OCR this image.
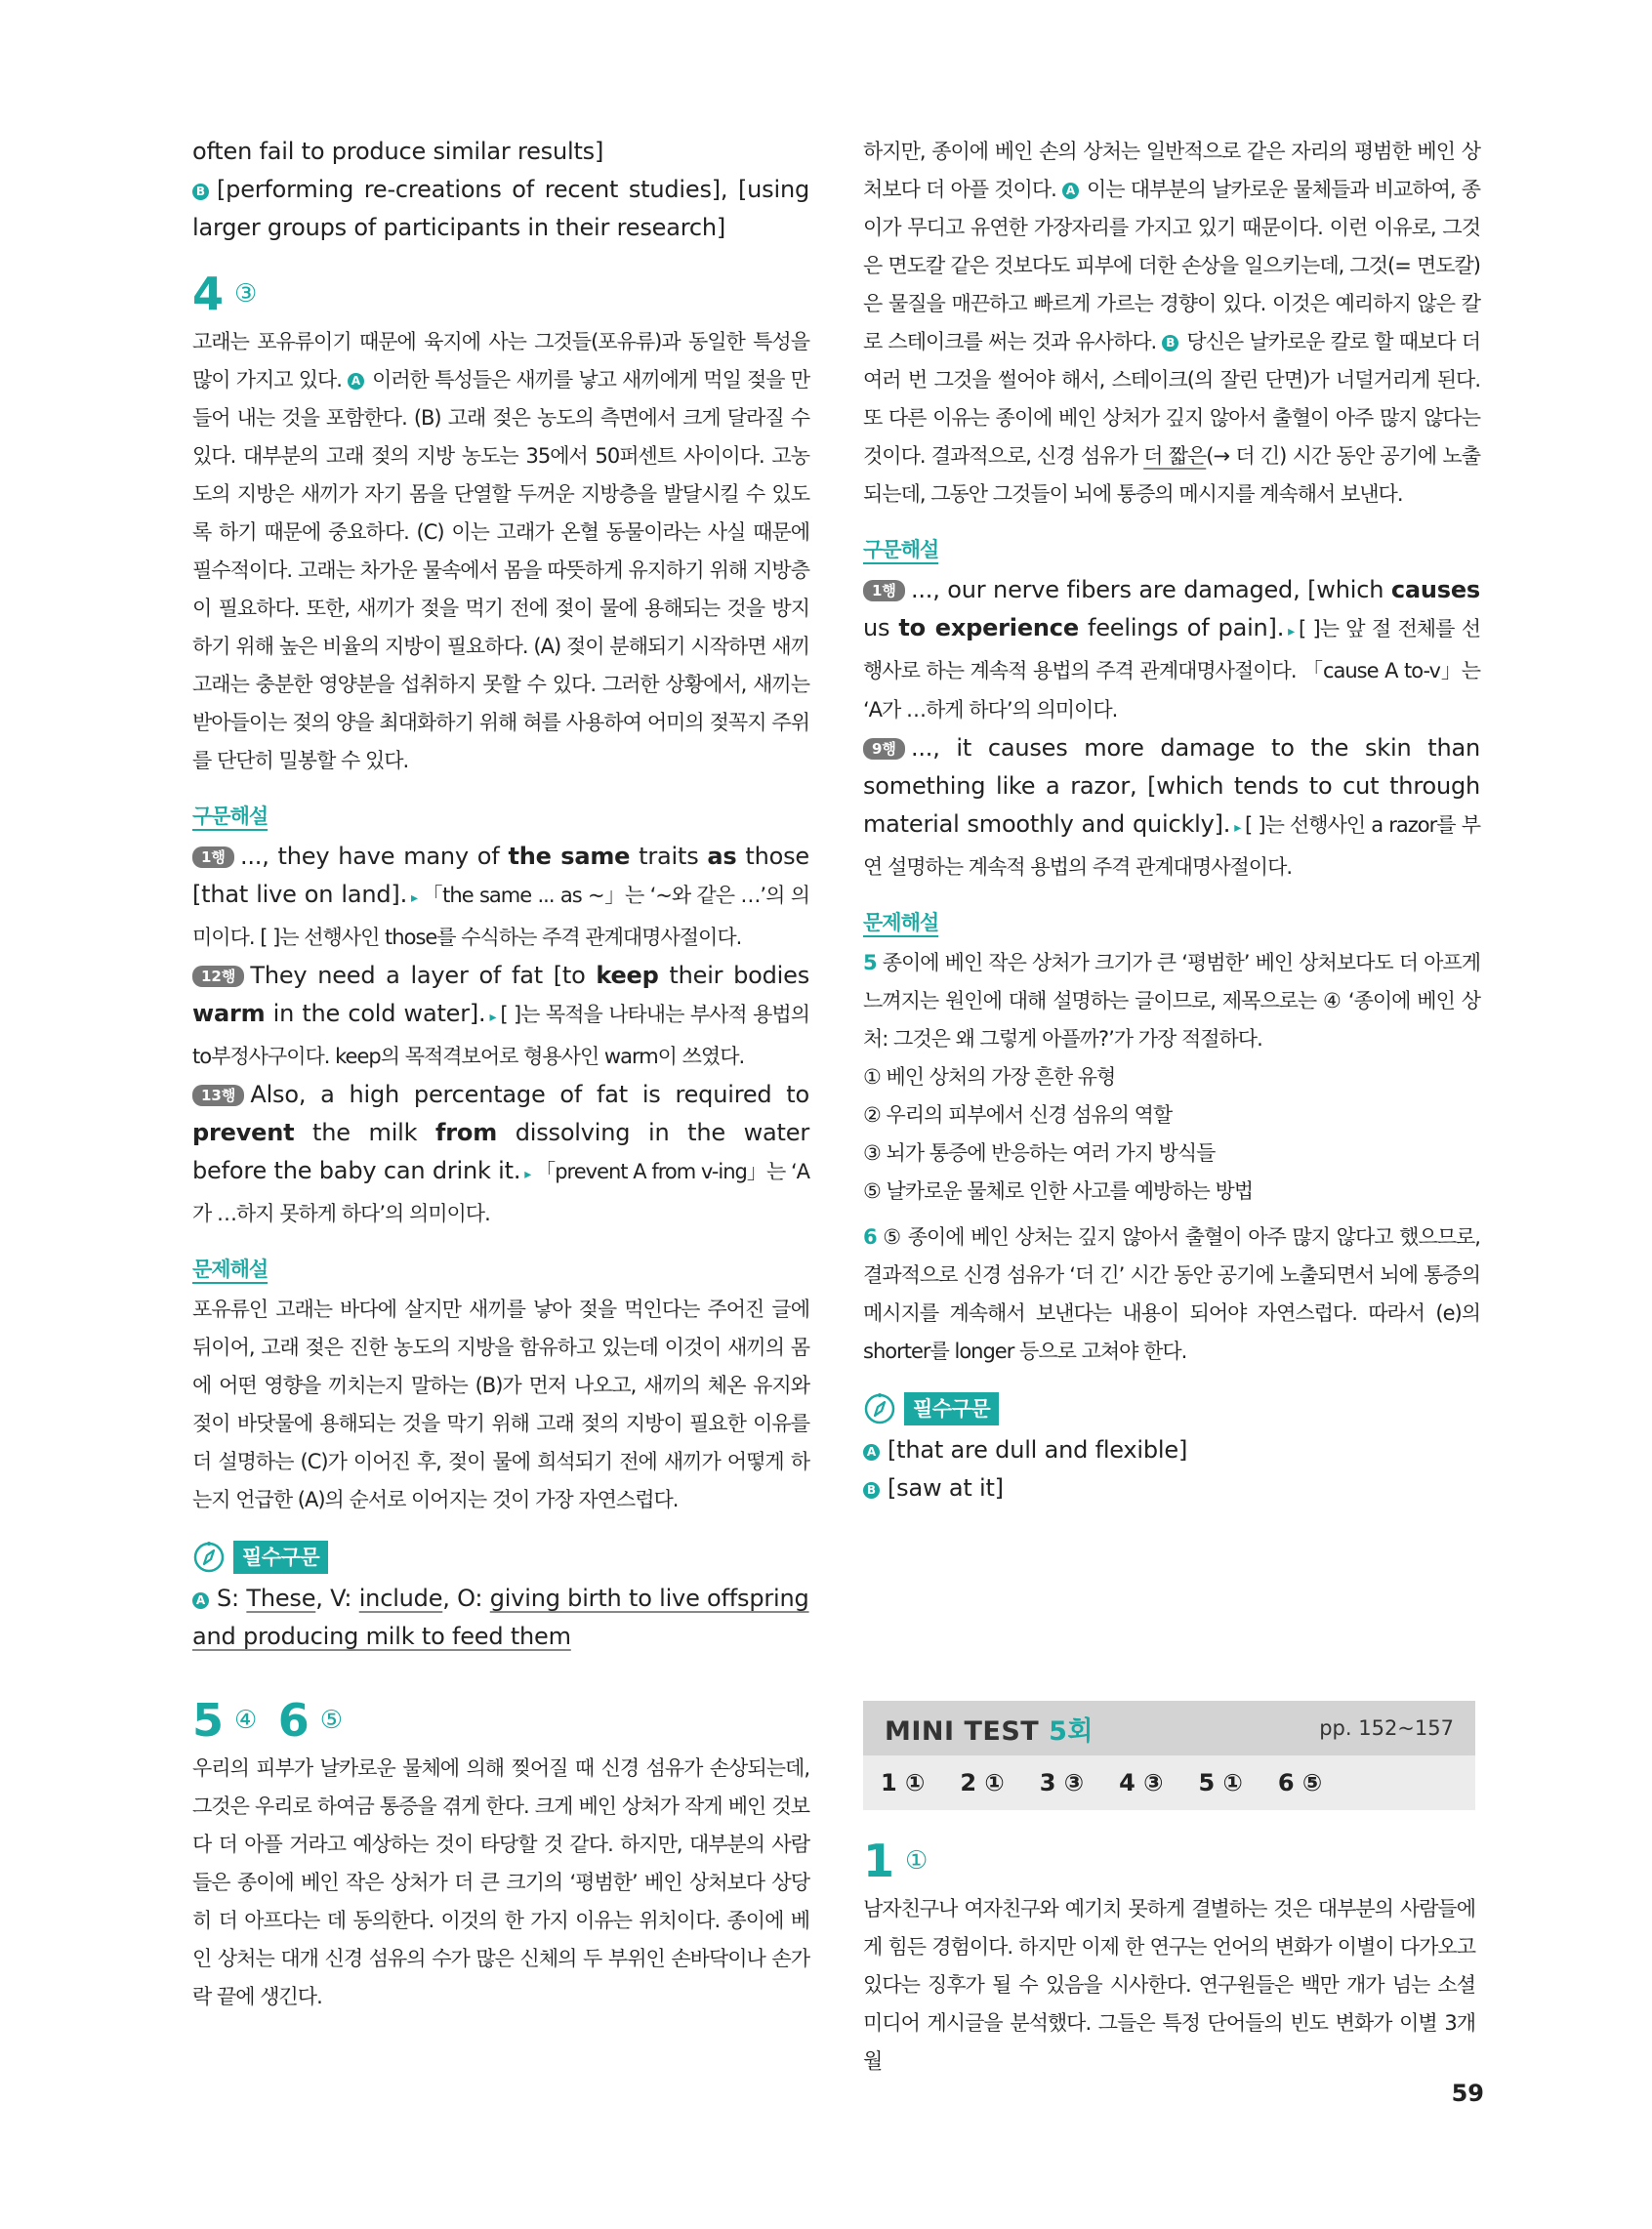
often fail to produce similar results]

B [performing re-creations of recent studies], [using larger groups of participants in their research]

4 ③

고래는 포유류이기 때문에 육지에 사는 그것들(포유류)과 동일한 특성을 많이 가지고 있다. A 이러한 특성들은 새끼를 낳고 새끼에게 먹일 젖을 만들어 내는 것을 포함한다. (B) 고래 젖은 농도의 측면에서 크게 달라질 수 있다. 대부분의 고래 젖의 지방 농도는 35에서 50퍼센트 사이이다. 고농도의 지방은 새끼가 자기 몸을 단열할 두꺼운 지방층을 발달시킬 수 있도록 하기 때문에 중요하다. (C) 이는 고래가 온혈 동물이라는 사실 때문에 필수적이다. 고래는 차가운 물속에서 몸을 따뜻하게 유지하기 위해 지방층이 필요하다. 또한, 새끼가 젖을 먹기 전에 젖이 물에 용해되는 것을 방지하기 위해 높은 비율의 지방이 필요하다. (A) 젖이 분해되기 시작하면 새끼 고래는 충분한 영양분을 섭취하지 못할 수 있다. 그러한 상황에서, 새끼는 받아들이는 젖의 양을 최대화하기 위해 혀를 사용하여 어미의 젖꼭지 주위를 단단히 밀봉할 수 있다.

구문해설

1행 ..., they have many of the same traits as those [that live on land]. ▸ 「the same ... as ~」는 ‘~와 같은 …’의 의미이다. [ ]는 선행사인 those를 수식하는 주격 관계대명사절이다.

12행 They need a layer of fat [to keep their bodies warm in the cold water]. ▸ [ ]는 목적을 나타내는 부사적 용법의 to부정사구이다. keep의 목적격보어로 형용사인 warm이 쓰였다.

13행 Also, a high percentage of fat is required to prevent the milk from dissolving in the water before the baby can drink it. ▸ 「prevent A from v-ing」는 ‘A가 …하지 못하게 하다’의 의미이다.

문제해설

포유류인 고래는 바다에 살지만 새끼를 낳아 젖을 먹인다는 주어진 글에 뒤이어, 고래 젖은 진한 농도의 지방을 함유하고 있는데 이것이 새끼의 몸에 어떤 영향을 끼치는지 말하는 (B)가 먼저 나오고, 새끼의 체온 유지와 젖이 바닷물에 용해되는 것을 막기 위해 고래 젖의 지방이 필요한 이유를 더 설명하는 (C)가 이어진 후, 젖이 물에 희석되기 전에 새끼가 어떻게 하는지 언급한 (A)의 순서로 이어지는 것이 가장 자연스럽다.

필수구문

A S: These, V: include, O: giving birth to live offspring and producing milk to feed them

5 ④ 6 ⑤

우리의 피부가 날카로운 물체에 의해 찢어질 때 신경 섬유가 손상되는데, 그것은 우리로 하여금 통증을 겪게 한다. 크게 베인 상처가 작게 베인 것보다 더 아플 거라고 예상하는 것이 타당할 것 같다. 하지만, 대부분의 사람들은 종이에 베인 작은 상처가 더 큰 크기의 ‘평범한’ 베인 상처보다 상당히 더 아프다는 데 동의한다. 이것의 한 가지 이유는 위치이다. 종이에 베인 상처는 대개 신경 섬유의 수가 많은 신체의 두 부위인 손바닥이나 손가락 끝에 생긴다.

하지만, 종이에 베인 손의 상처는 일반적으로 같은 자리의 평범한 베인 상처보다 더 아플 것이다. A 이는 대부분의 날카로운 물체들과 비교하여, 종이가 무디고 유연한 가장자리를 가지고 있기 때문이다. 이런 이유로, 그것은 면도칼 같은 것보다도 피부에 더한 손상을 일으키는데, 그것(= 면도칼)은 물질을 매끈하고 빠르게 가르는 경향이 있다. 이것은 예리하지 않은 칼로 스테이크를 써는 것과 유사하다. B 당신은 날카로운 칼로 할 때보다 더 여러 번 그것을 썰어야 해서, 스테이크(의 잘린 단면)가 너덜거리게 된다. 또 다른 이유는 종이에 베인 상처가 깊지 않아서 출혈이 아주 많지 않다는 것이다. 결과적으로, 신경 섬유가 더 짧은(→ 더 긴) 시간 동안 공기에 노출되는데, 그동안 그것들이 뇌에 통증의 메시지를 계속해서 보낸다.

구문해설

1행 ..., our nerve fibers are damaged, [which causes us to experience feelings of pain]. ▸ [ ]는 앞 절 전체를 선행사로 하는 계속적 용법의 주격 관계대명사절이다. 「cause A to-v」는 ‘A가 …하게 하다’의 의미이다.

9행 ..., it causes more damage to the skin than something like a razor, [which tends to cut through material smoothly and quickly]. ▸ [ ]는 선행사인 a razor를 부연 설명하는 계속적 용법의 주격 관계대명사절이다.

문제해설

5 종이에 베인 작은 상처가 크기가 큰 ‘평범한’ 베인 상처보다도 더 아프게 느껴지는 원인에 대해 설명하는 글이므로, 제목으로는 ④ ‘종이에 베인 상처: 그것은 왜 그렇게 아플까?’가 가장 적절하다.

① 베인 상처의 가장 흔한 유형

② 우리의 피부에서 신경 섬유의 역할

③ 뇌가 통증에 반응하는 여러 가지 방식들

⑤ 날카로운 물체로 인한 사고를 예방하는 방법

6 ⑤ 종이에 베인 상처는 깊지 않아서 출혈이 아주 많지 않다고 했으므로, 결과적으로 신경 섬유가 ‘더 긴’ 시간 동안 공기에 노출되면서 뇌에 통증의 메시지를 계속해서 보낸다는 내용이 되어야 자연스럽다. 따라서 (e)의 shorter를 longer 등으로 고쳐야 한다.

필수구문

A [that are dull and flexible]

B [saw at it]

MINI TEST 5회	pp. 152~157
1 ① 2 ① 3 ③ 4 ③ 5 ① 6 ⑤
1 ①

남자친구나 여자친구와 예기치 못하게 결별하는 것은 대부분의 사람들에게 힘든 경험이다. 하지만 이제 한 연구는 언어의 변화가 이별이 다가오고 있다는 징후가 될 수 있음을 시사한다. 연구원들은 백만 개가 넘는 소셜 미디어 게시글을 분석했다. 그들은 특정 단어들의 빈도 변화가 이별 3개월

59
